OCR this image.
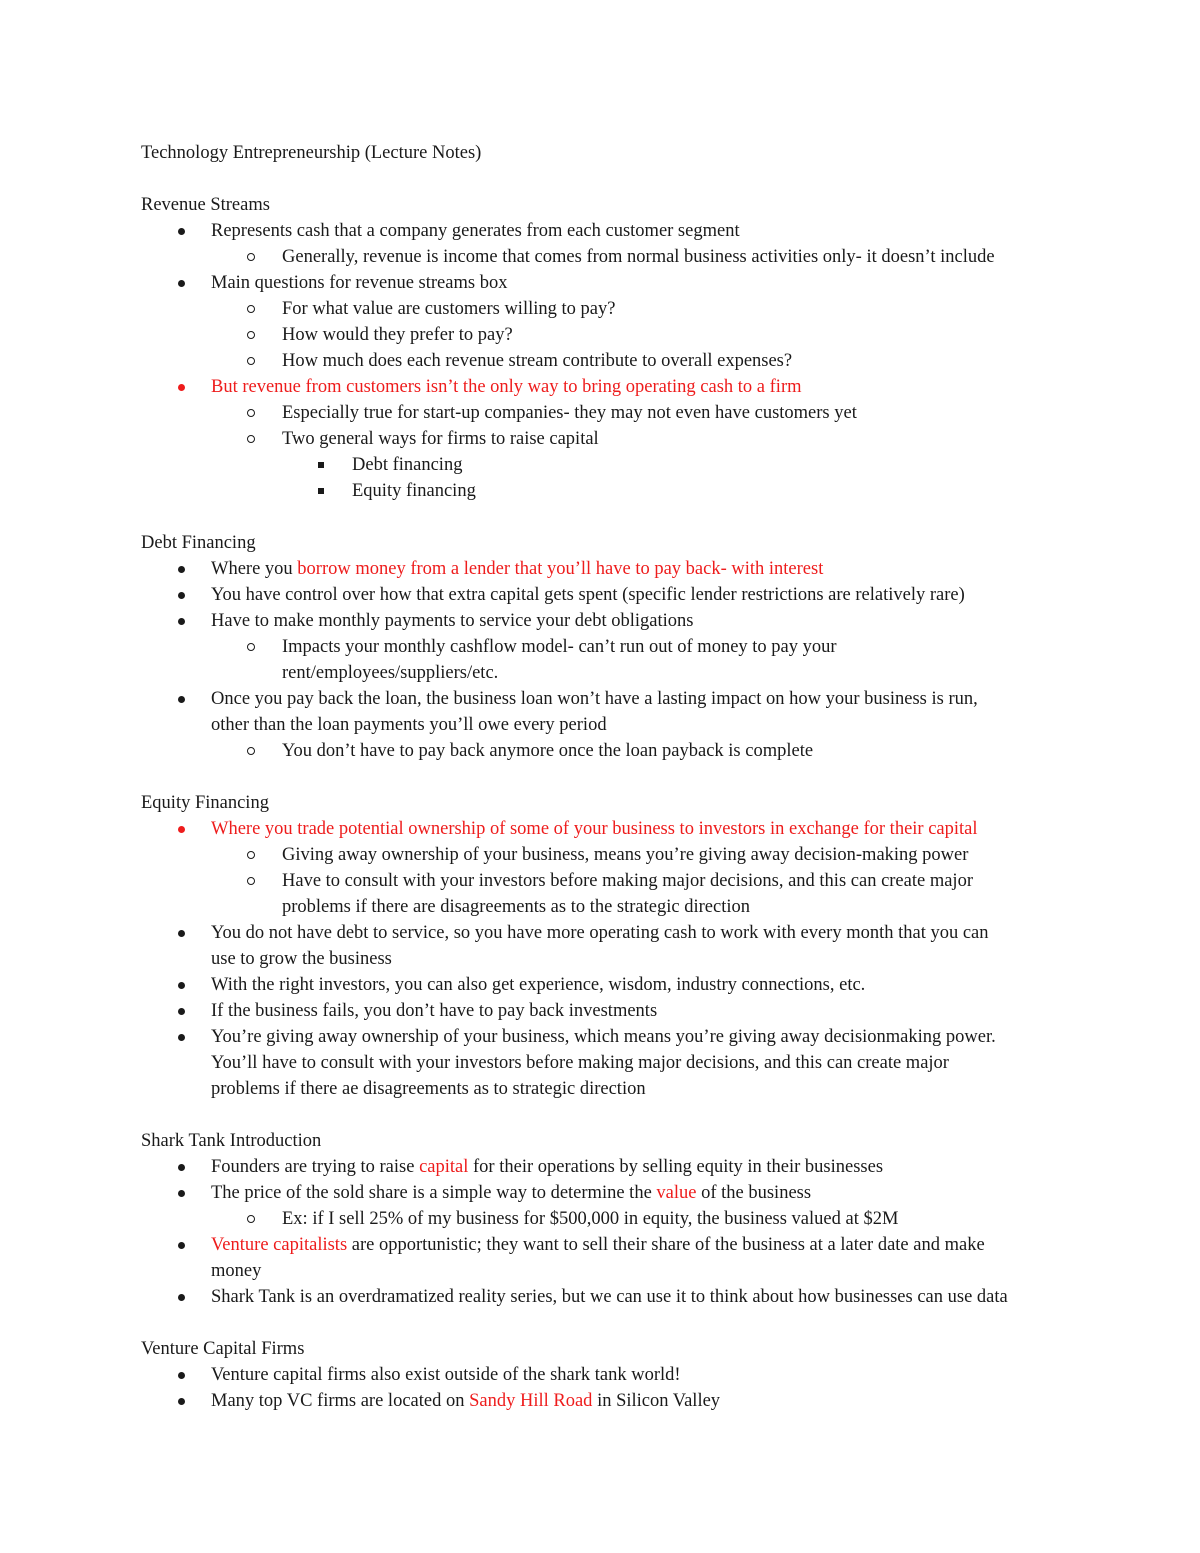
Technology Entrepreneurship (Lecture Notes)
Revenue Streams
Represents cash that a company generates from each customer segment
Generally, revenue is income that comes from normal business activities only- it doesn’t include
Main questions for revenue streams box
For what value are customers willing to pay?
How would they prefer to pay?
How much does each revenue stream contribute to overall expenses?
But revenue from customers isn’t the only way to bring operating cash to a firm
Especially true for start-up companies- they may not even have customers yet
Two general ways for firms to raise capital
Debt financing
Equity financing
Debt Financing
Where you borrow money from a lender that you’ll have to pay back- with interest
You have control over how that extra capital gets spent (specific lender restrictions are relatively rare)
Have to make monthly payments to service your debt obligations
Impacts your monthly cashflow model- can’t run out of money to pay your
rent/employees/suppliers/etc.
Once you pay back the loan, the business loan won’t have a lasting impact on how your business is run,
other than the loan payments you’ll owe every period
You don’t have to pay back anymore once the loan payback is complete
Equity Financing
Where you trade potential ownership of some of your business to investors in exchange for their capital
Giving away ownership of your business, means you’re giving away decision-making power
Have to consult with your investors before making major decisions, and this can create major
problems if there are disagreements as to the strategic direction
You do not have debt to service, so you have more operating cash to work with every month that you can
use to grow the business
With the right investors, you can also get experience, wisdom, industry connections, etc.
If the business fails, you don’t have to pay back investments
You’re giving away ownership of your business, which means you’re giving away decisionmaking power.
You’ll have to consult with your investors before making major decisions, and this can create major
problems if there ae disagreements as to strategic direction
Shark Tank Introduction
Founders are trying to raise capital for their operations by selling equity in their businesses
The price of the sold share is a simple way to determine the value of the business
Ex: if I sell 25% of my business for $500,000 in equity, the business valued at $2M
Venture capitalists are opportunistic; they want to sell their share of the business at a later date and make
money
Shark Tank is an overdramatized reality series, but we can use it to think about how businesses can use data
Venture Capital Firms
Venture capital firms also exist outside of the shark tank world!
Many top VC firms are located on Sandy Hill Road in Silicon Valley
